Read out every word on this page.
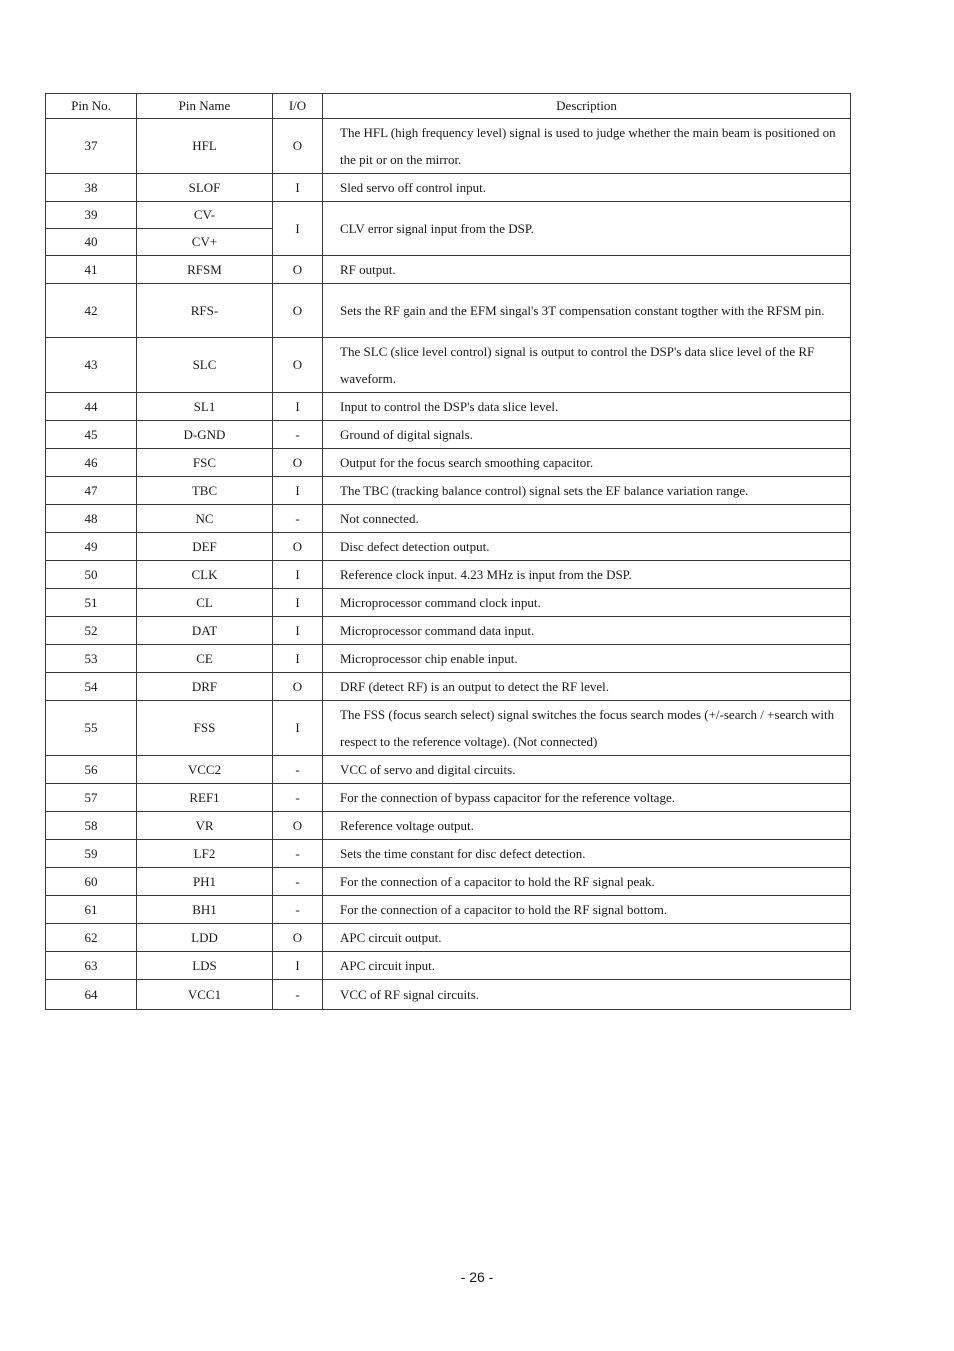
Pin No.	Pin Name	I/O	Description
37	HFL	O	The HFL (high frequency level) signal is used to judge whether the main beam is positioned on the pit or on the mirror.
38	SLOF	I	Sled servo off control input.
39	CV-	I	CLV error signal input from the DSP.
40	CV+		
41	RFSM	O	RF output.
42	RFS-	O	Sets the RF gain and the EFM singal's 3T compensation constant togther with the RFSM pin.
43	SLC	O	The SLC (slice level control) signal is output to control the DSP's data slice level of the RF waveform.
44	SL1	I	Input to control the DSP's data slice level.
45	D-GND	-	Ground of digital signals.
46	FSC	O	Output for the focus search smoothing capacitor.
47	TBC	I	The TBC (tracking balance control) signal sets the EF balance variation range.
48	NC	-	Not connected.
49	DEF	O	Disc defect detection output.
50	CLK	I	Reference clock input. 4.23 MHz is input from the DSP.
51	CL	I	Microprocessor command clock input.
52	DAT	I	Microprocessor command data input.
53	CE	I	Microprocessor chip enable input.
54	DRF	O	DRF (detect RF) is an output to detect the RF level.
55	FSS	I	The FSS (focus search select) signal switches the focus search modes (+/-search / +search with respect to the reference voltage). (Not connected)
56	VCC2	-	VCC of servo and digital circuits.
57	REF1	-	For the connection of bypass capacitor for the reference voltage.
58	VR	O	Reference voltage output.
59	LF2	-	Sets the time constant for disc defect detection.
60	PH1	-	For the connection of a capacitor to hold the RF signal peak.
61	BH1	-	For the connection of a capacitor to hold the RF signal bottom.
62	LDD	O	APC circuit output.
63	LDS	I	APC circuit input.
64	VCC1	-	VCC of RF signal circuits.
- 26 -
